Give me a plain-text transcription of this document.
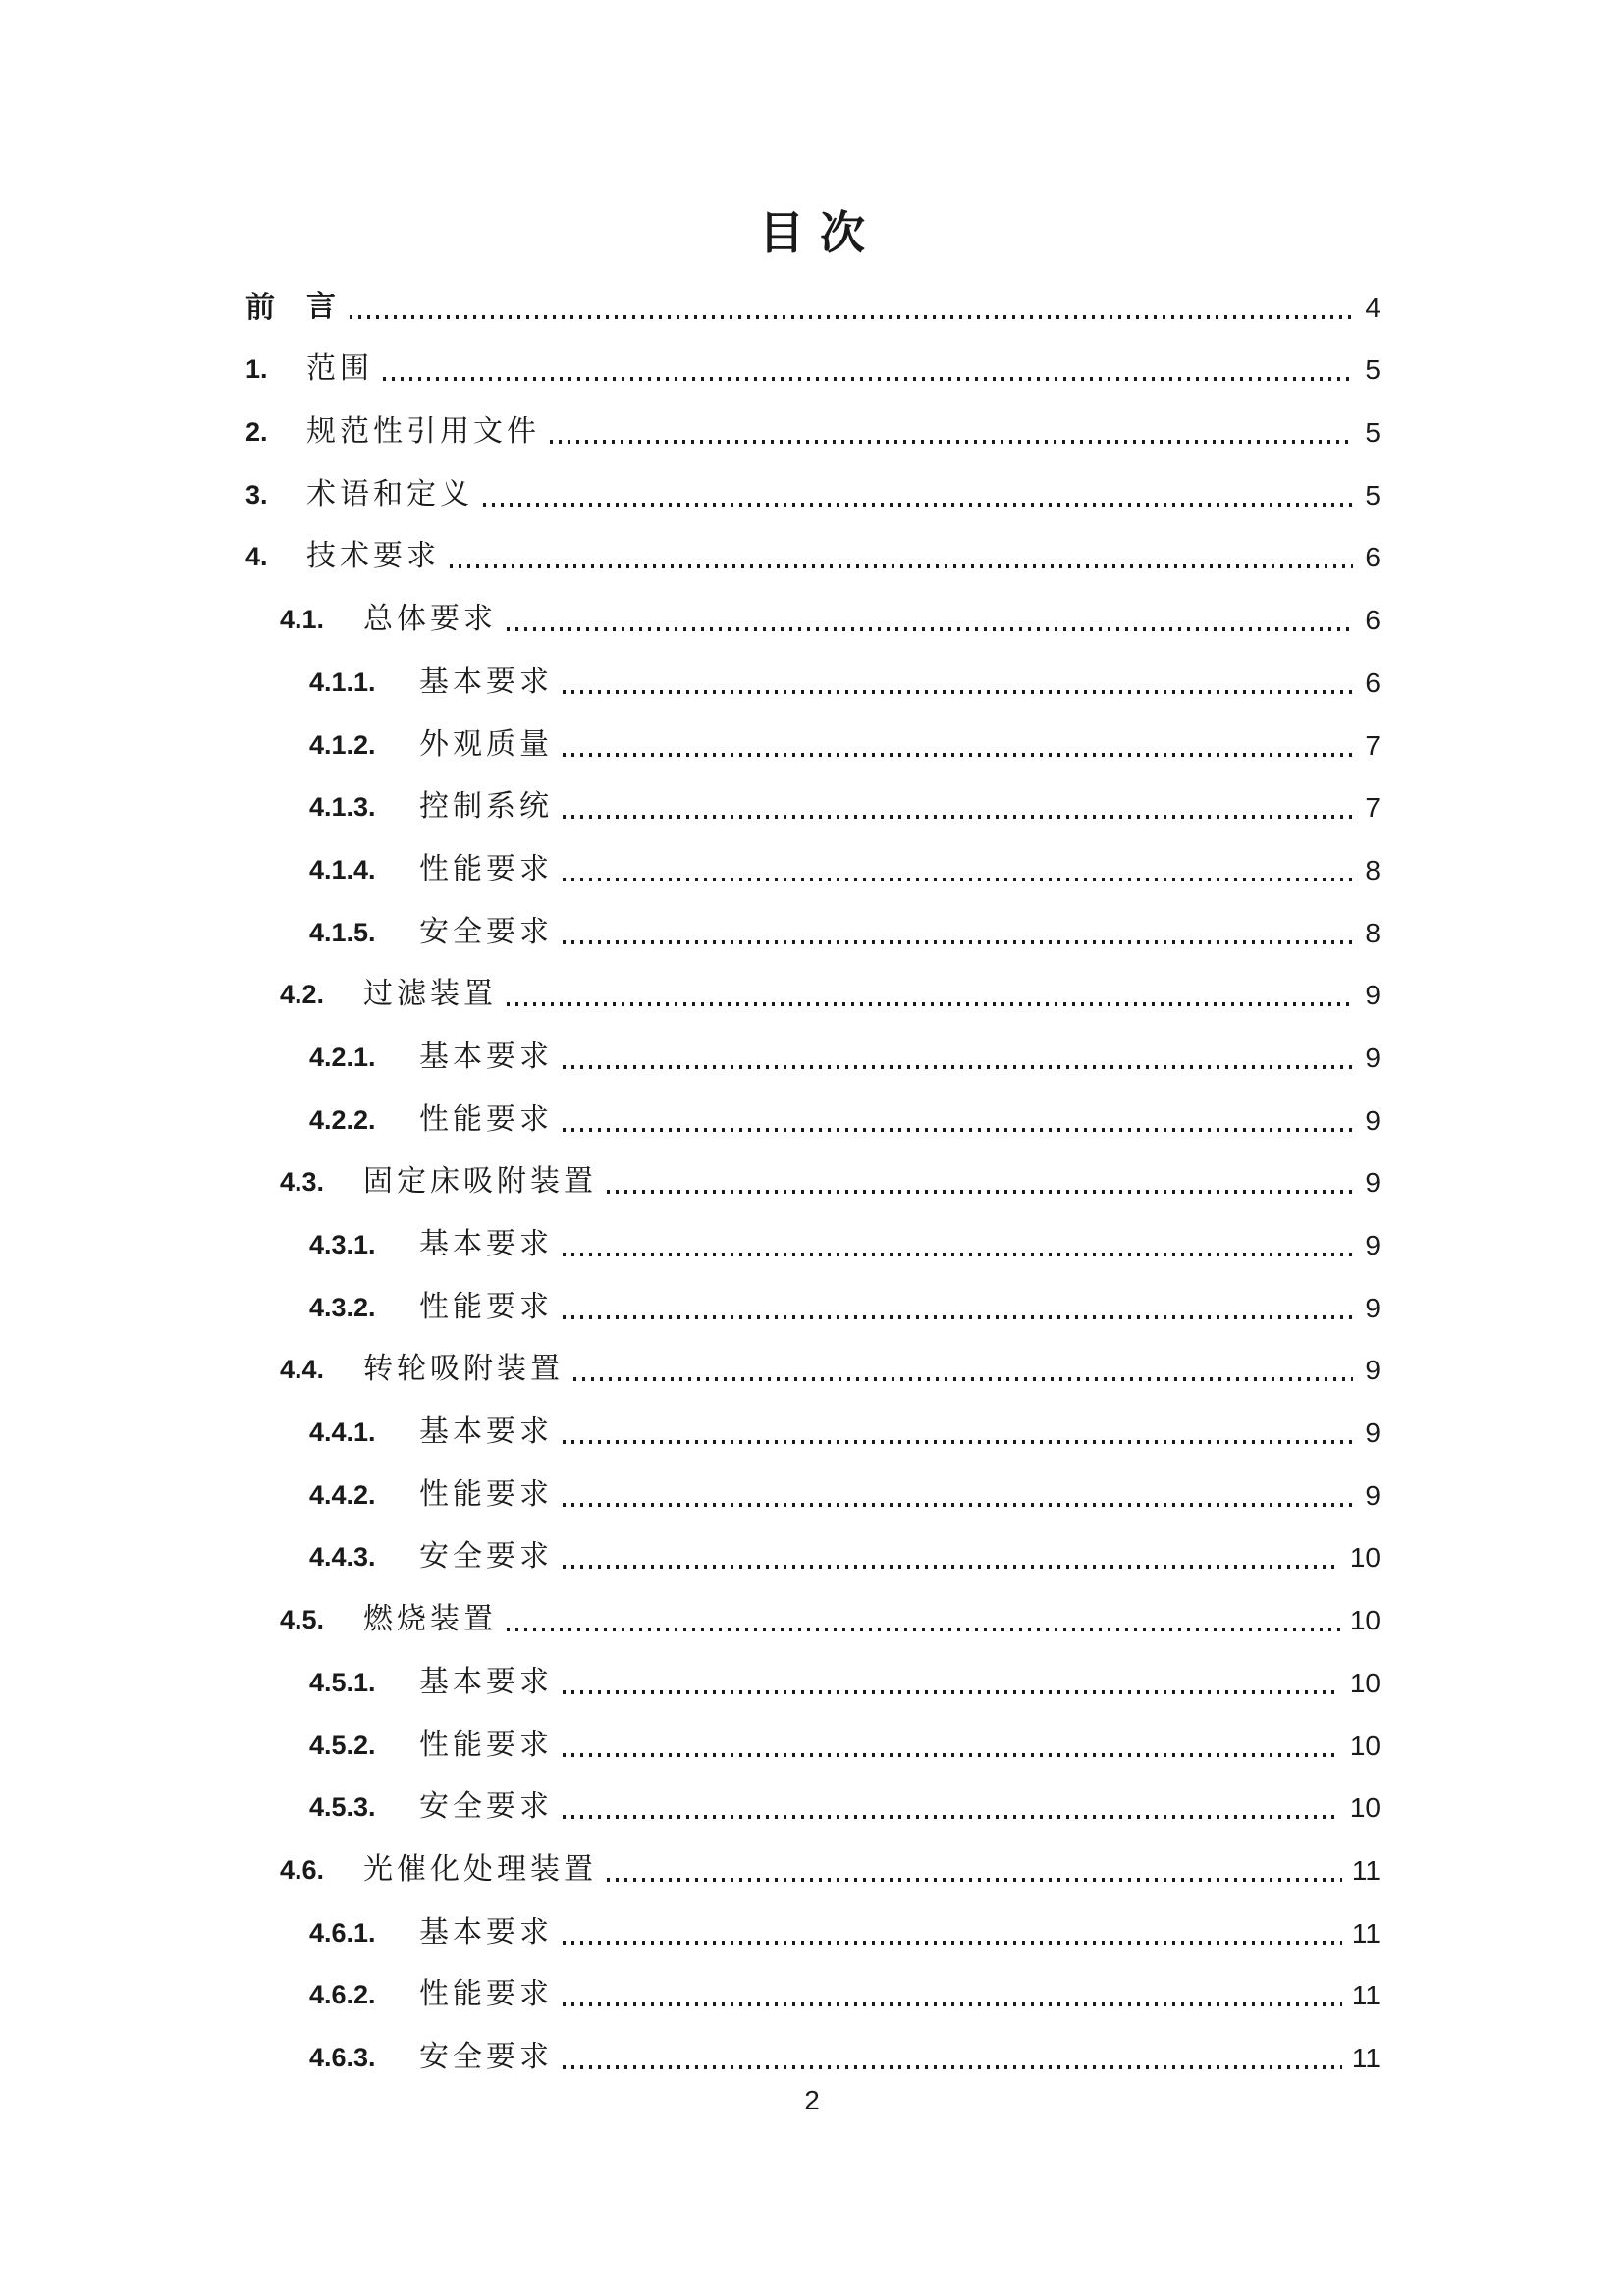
目次
前	言	4
1.	范围	5
2.	规范性引用文件	5
3.	术语和定义	5
4.	技术要求	6
4.1.	总体要求	6
4.1.1.	基本要求	6
4.1.2.	外观质量	7
4.1.3.	控制系统	7
4.1.4.	性能要求	8
4.1.5.	安全要求	8
4.2.	过滤装置	9
4.2.1.	基本要求	9
4.2.2.	性能要求	9
4.3.	固定床吸附装置	9
4.3.1.	基本要求	9
4.3.2.	性能要求	9
4.4.	转轮吸附装置	9
4.4.1.	基本要求	9
4.4.2.	性能要求	9
4.4.3.	安全要求	10
4.5.	燃烧装置	10
4.5.1.	基本要求	10
4.5.2.	性能要求	10
4.5.3.	安全要求	10
4.6.	光催化处理装置	11
4.6.1.	基本要求	11
4.6.2.	性能要求	11
4.6.3.	安全要求	11
2
